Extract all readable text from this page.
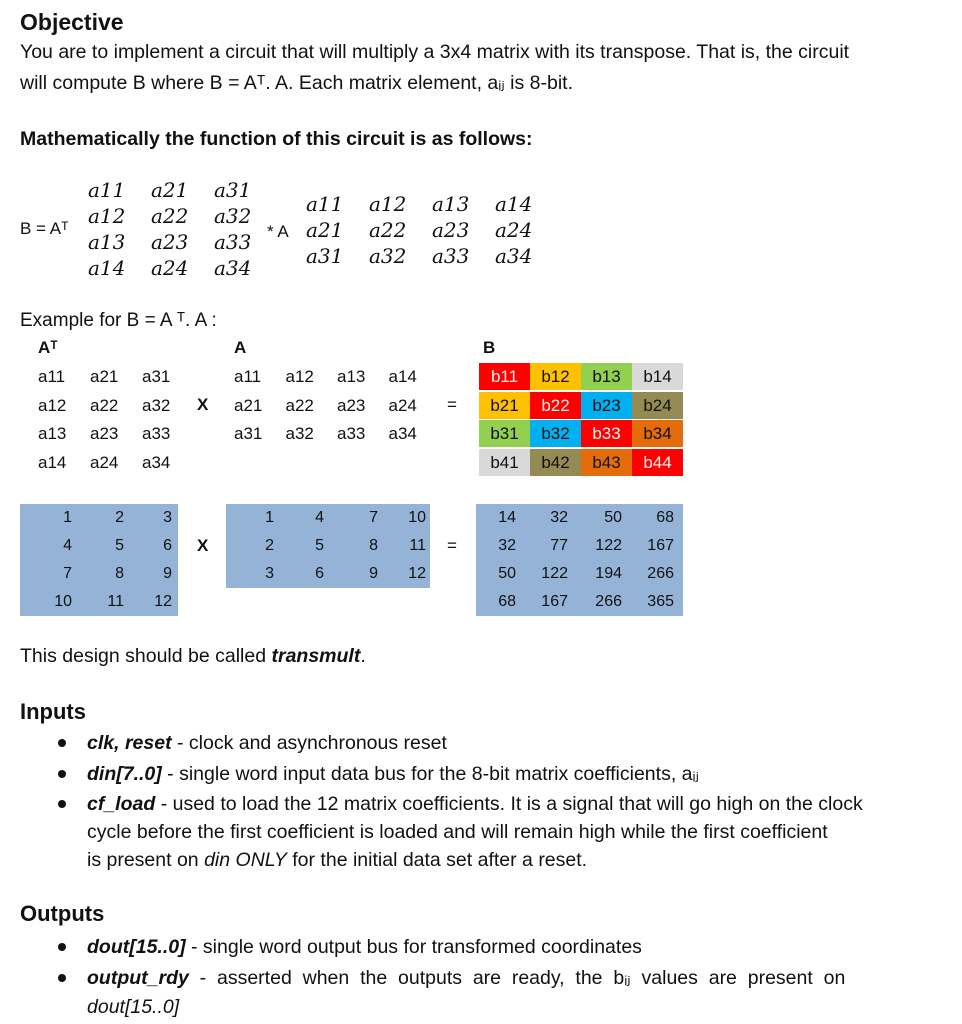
Objective
You are to implement a circuit that will multiply a 3x4 matrix with its transpose. That is, the circuit
will compute B where B = Aᵀ. A. Each matrix element, aᵢⱼ is 8-bit.
Mathematically the function of this circuit is as follows:
B = Aᵀ	* A
a11 a21 a31
a12 a22 a32
a13 a23 a33
a14 a24 a34
a11 a12 a13 a14
a21 a22 a23 a24
a31 a32 a33 a34
Example for B = A ᵀ. A :
Aᵀ	A	B
X	=
a11 a21 a31
a12 a22 a32
a13 a23 a33
a14 a24 a34
a11 a12 a13 a14
a21 a22 a23 a24
a31 a32 a33 a34
b11	b12	b13	b14
b21	b22	b23	b24
b31	b32	b33	b34
b41	b42	b43	b44
X	=
1	2	3
4	5	6
7	8	9
10	11	12
1	4	7	10
2	5	8	11
3	6	9	12
14	32	50	68
32	77	122	167
50	122	194	266
68	167	266	365
This design should be called transmult.
Inputs
clk, reset - clock and asynchronous reset
din[7..0] - single word input data bus for the 8-bit matrix coefficients, aᵢⱼ
cf_load - used to load the 12 matrix coefficients. It is a signal that will go high on the clock
cycle before the first coefficient is loaded and will remain high while the first coefficient
is present on din ONLY for the initial data set after a reset.
Outputs
dout[15..0] - single word output bus for transformed coordinates
output_rdy  -  asserted  when  the  outputs  are  ready,  the  bᵢⱼ  values  are  present  on
dout[15..0]
